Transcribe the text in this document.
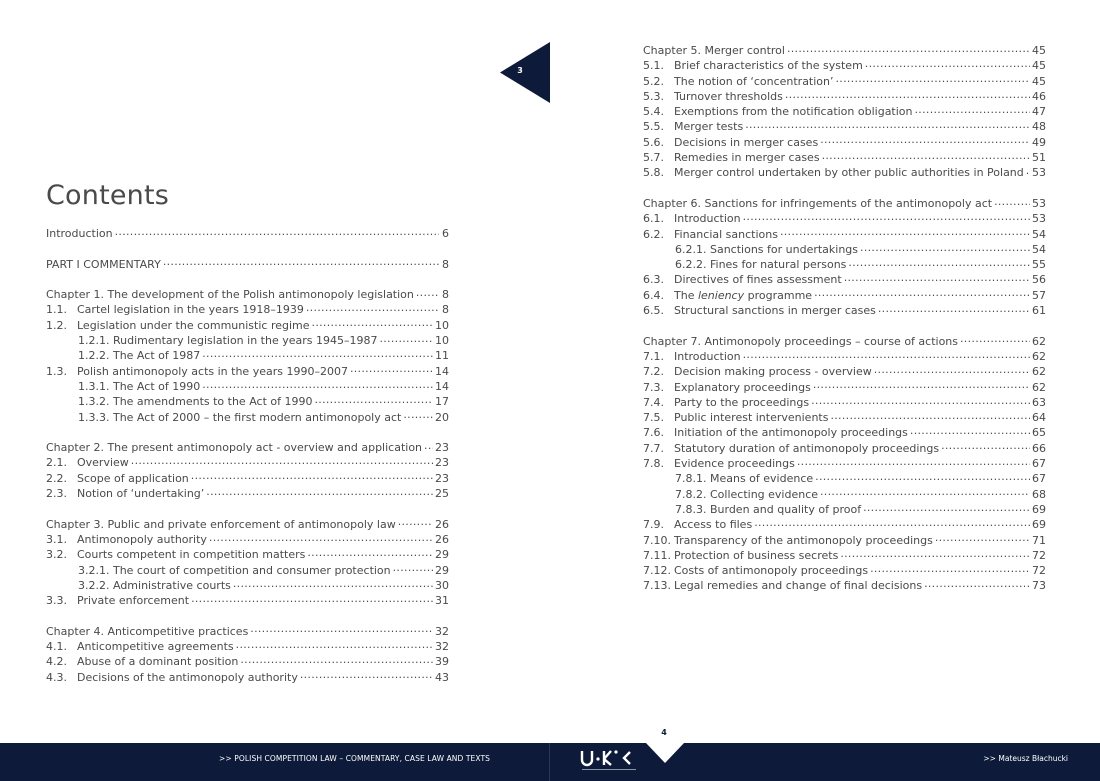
3
Contents
Introduction .....	6
PART I COMMENTARY .....	8
Chapter 1. The development of the Polish antimonopoly legislation .....	8
1.1. Cartel legislation in the years 1918–1939 .....	8
1.2. Legislation under the communistic regime .....	10
1.2.1. Rudimentary legislation in the years 1945–1987 .....	10
1.2.2. The Act of 1987 .....	11
1.3. Polish antimonopoly acts in the years 1990–2007 .....	14
1.3.1. The Act of 1990 .....	14
1.3.2. The amendments to the Act of 1990 .....	17
1.3.3. The Act of 2000 – the first modern antimonopoly act .....	20
Chapter 2. The present antimonopoly act - overview and application ..... 23
2.1. Overview .....	23
2.2. Scope of application .....	23
2.3. Notion of ‘undertaking’ .....	25
Chapter 3. Public and private enforcement of antimonopoly law .....	26
3.1. Antimonopoly authority .....	26
3.2. Courts competent in competition matters .....	29
3.2.1. The court of competition and consumer protection .....	29
3.2.2. Administrative courts .....	30
3.3. Private enforcement .....	31
Chapter 4. Anticompetitive practices .....	32
4.1. Anticompetitive agreements .....	32
4.2. Abuse of a dominant position .....	39
4.3. Decisions of the antimonopoly authority .....	43
Chapter 5. Merger control .....	45
5.1. Brief characteristics of the system .....	45
5.2. The notion of ‘concentration’ .....	45
5.3. Turnover thresholds .....	46
5.4. Exemptions from the notification obligation .....	47
5.5. Merger tests .....	48
5.6. Decisions in merger cases .....	49
5.7. Remedies in merger cases .....	51
5.8. Merger control undertaken by other public authorities in Poland ..... 53
Chapter 6. Sanctions for infringements of the antimonopoly act .....	53
6.1. Introduction .....	53
6.2. Financial sanctions .....	54
6.2.1. Sanctions for undertakings .....	54
6.2.2. Fines for natural persons .....	55
6.3. Directives of fines assessment .....	56
6.4. The leniency programme .....	57
6.5. Structural sanctions in merger cases .....	61
Chapter 7. Antimonopoly proceedings – course of actions .....	62
7.1. Introduction .....	62
7.2. Decision making process - overview .....	62
7.3. Explanatory proceedings .....	62
7.4. Party to the proceedings .....	63
7.5. Public interest intervenients .....	64
7.6. Initiation of the antimonopoly proceedings .....	65
7.7. Statutory duration of antimonopoly proceedings .....	66
7.8. Evidence proceedings .....	67
7.8.1. Means of evidence .....	67
7.8.2. Collecting evidence .....	68
7.8.3. Burden and quality of proof .....	69
7.9. Access to files .....	69
7.10. Transparency of the antimonopoly proceedings .....	71
7.11. Protection of business secrets .....	72
7.12. Costs of antimonopoly proceedings .....	72
7.13. Legal remedies and change of final decisions .....	73
4
>> POLISH COMPETITION LAW – COMMENTARY, CASE LAW AND TEXTS	>> Mateusz Błachucki
